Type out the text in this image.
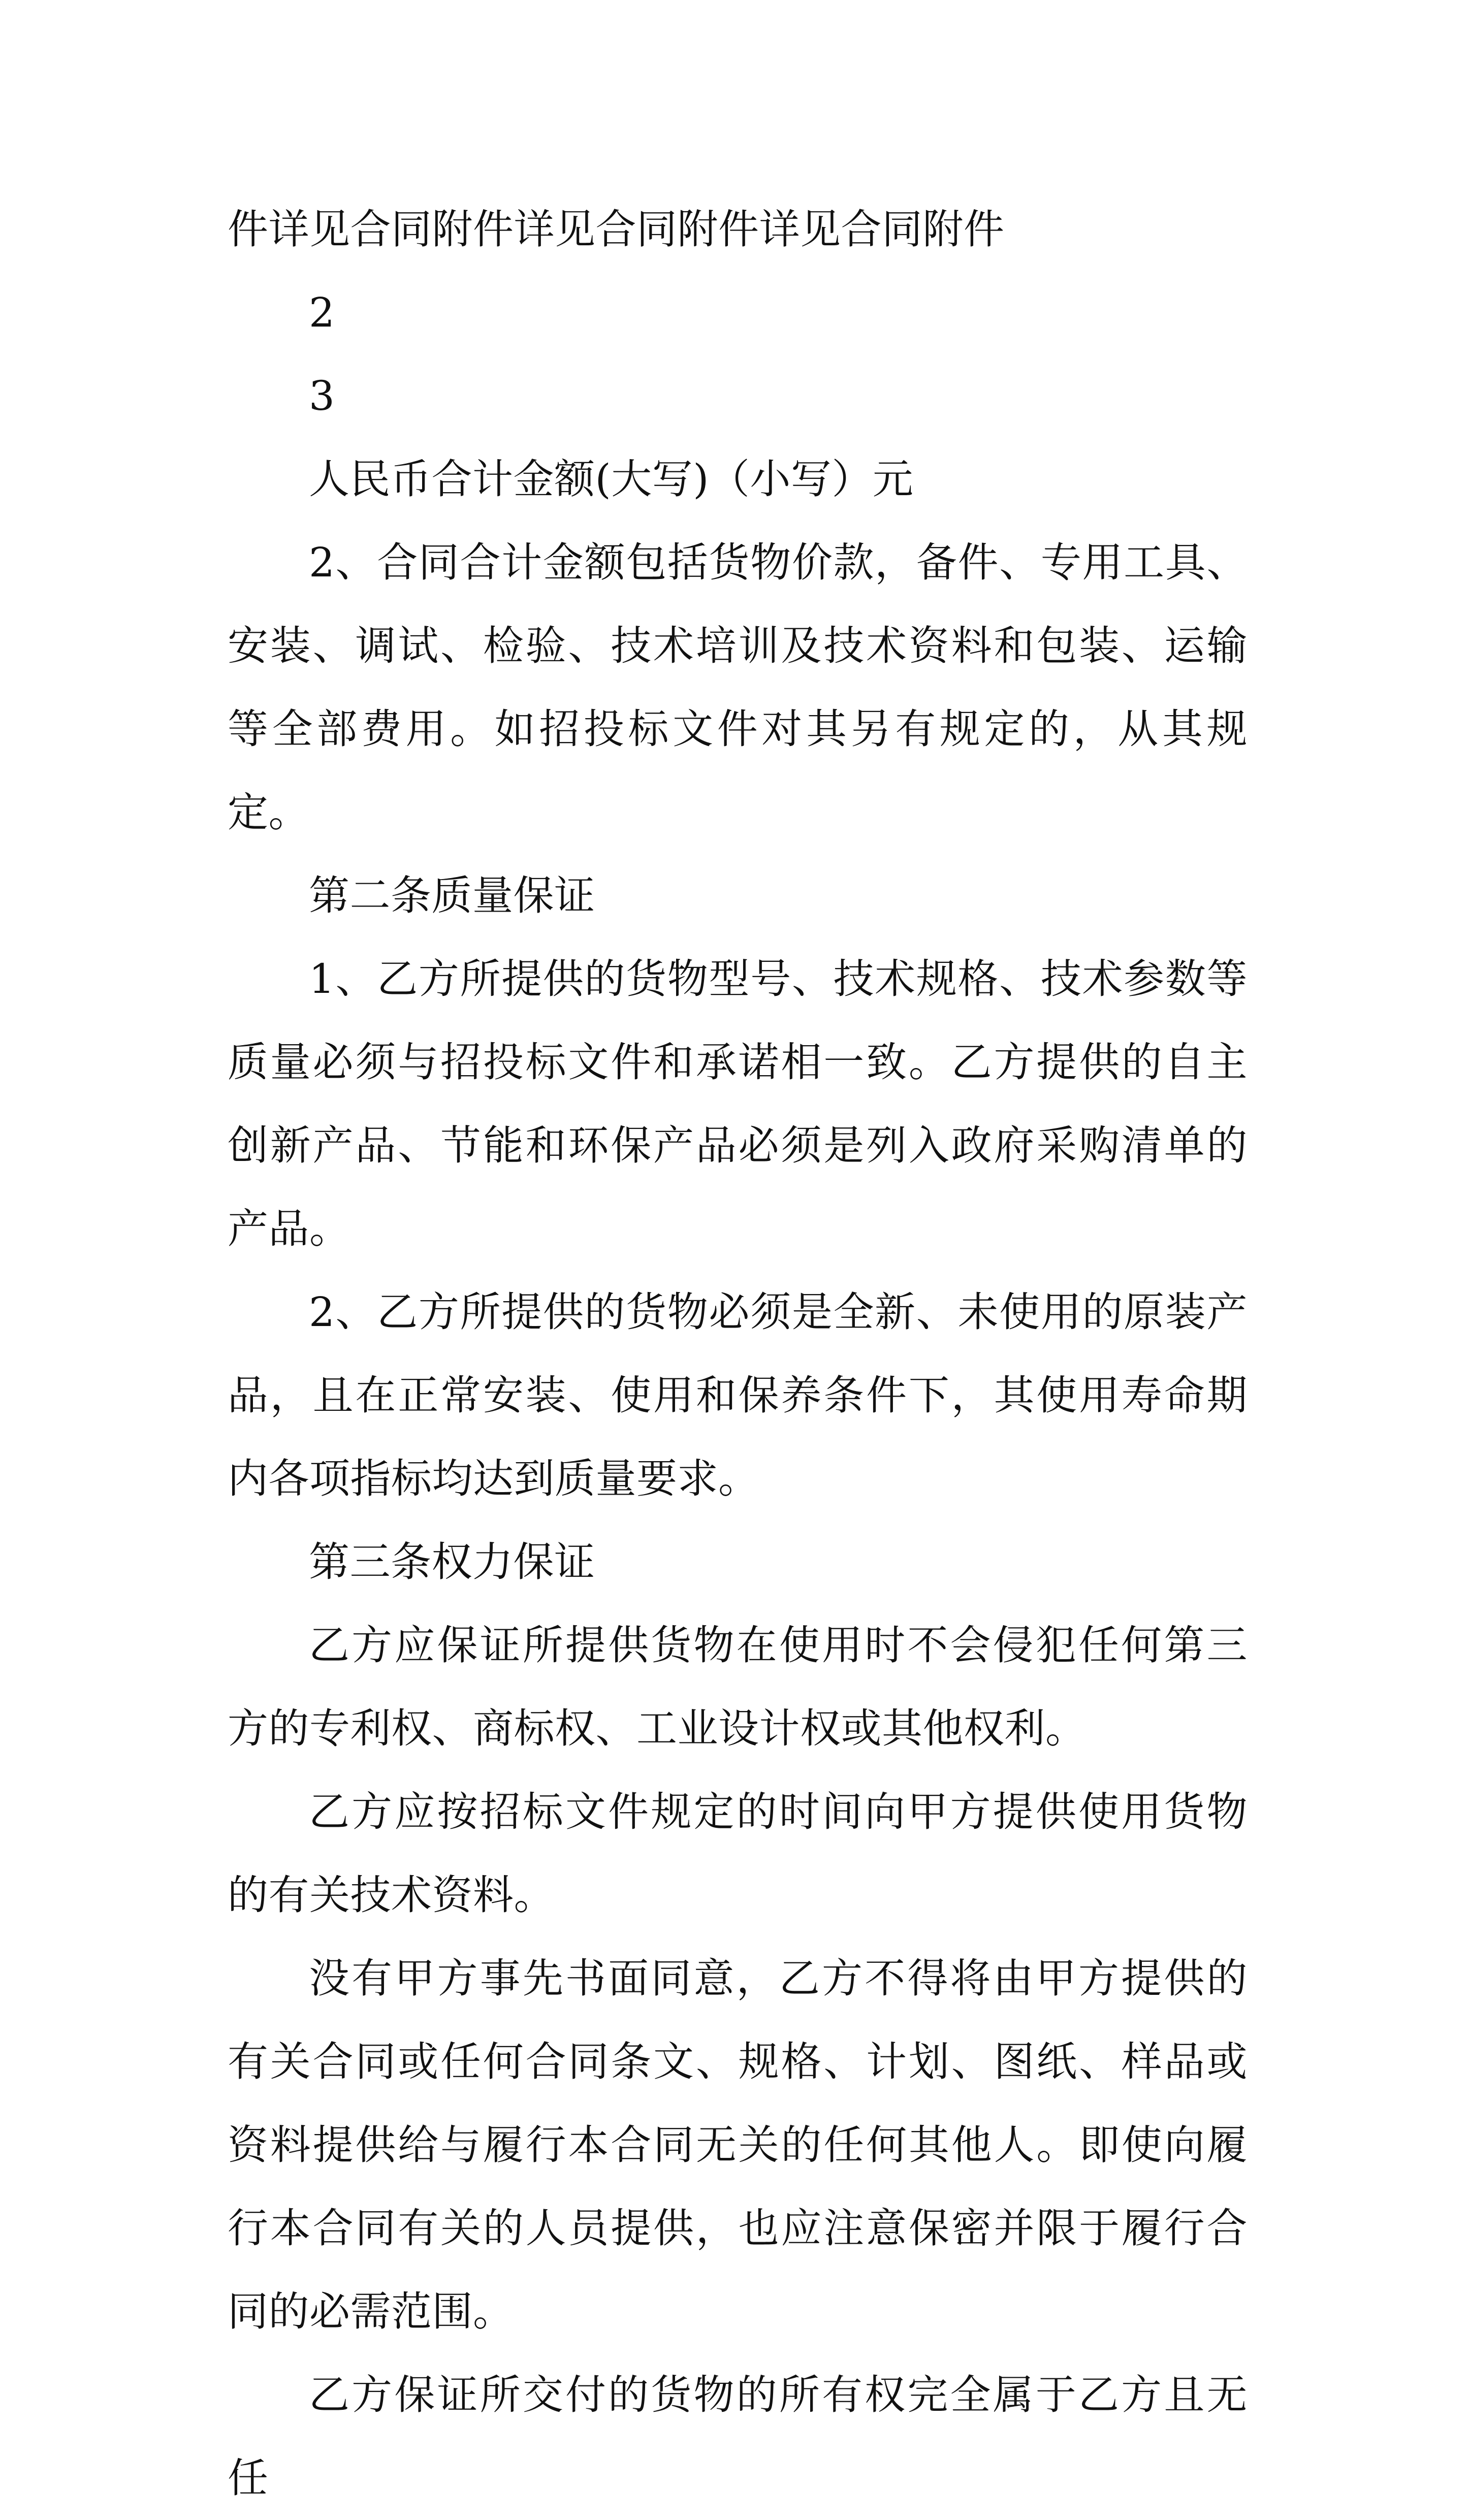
件详见合同附件详见合同附件详见合同附件

2

3

人民币合计金额(大写)（小写）元

2、合同合计金额包括货物价款，备件、专用工具、安装、调试、检验、技术培训及技术资料和包装、运输等全部费用。如招投标文件对其另有规定的，从其规定。

第二条质量保证

1、乙方所提供的货物型号、技术规格、技术参数等质量必须与招投标文件和承诺相一致。乙方提供的自主创新产品、节能和环保产品必须是列入政府采购清单的产品。

2、乙方所提供的货物必须是全新、未使用的原装产品，且在正常安装、使用和保养条件下，其使用寿命期内各项指标均达到质量要求。

第三条权力保证

乙方应保证所提供货物在使用时不会侵犯任何第三方的专利权、商标权、工业设计权或其他权利。

乙方应按招标文件规定的时间向甲方提供使用货物的有关技术资料。

没有甲方事先书面同意，乙方不得将由甲方提供的有关合同或任何合同条文、规格、计划、图纸、样品或资料提供给与履行本合同无关的任何其他人。即使向履行本合同有关的人员提供，也应注意保密并限于履行合同的必需范围。

乙方保证所交付的货物的所有权完全属于乙方且无任
